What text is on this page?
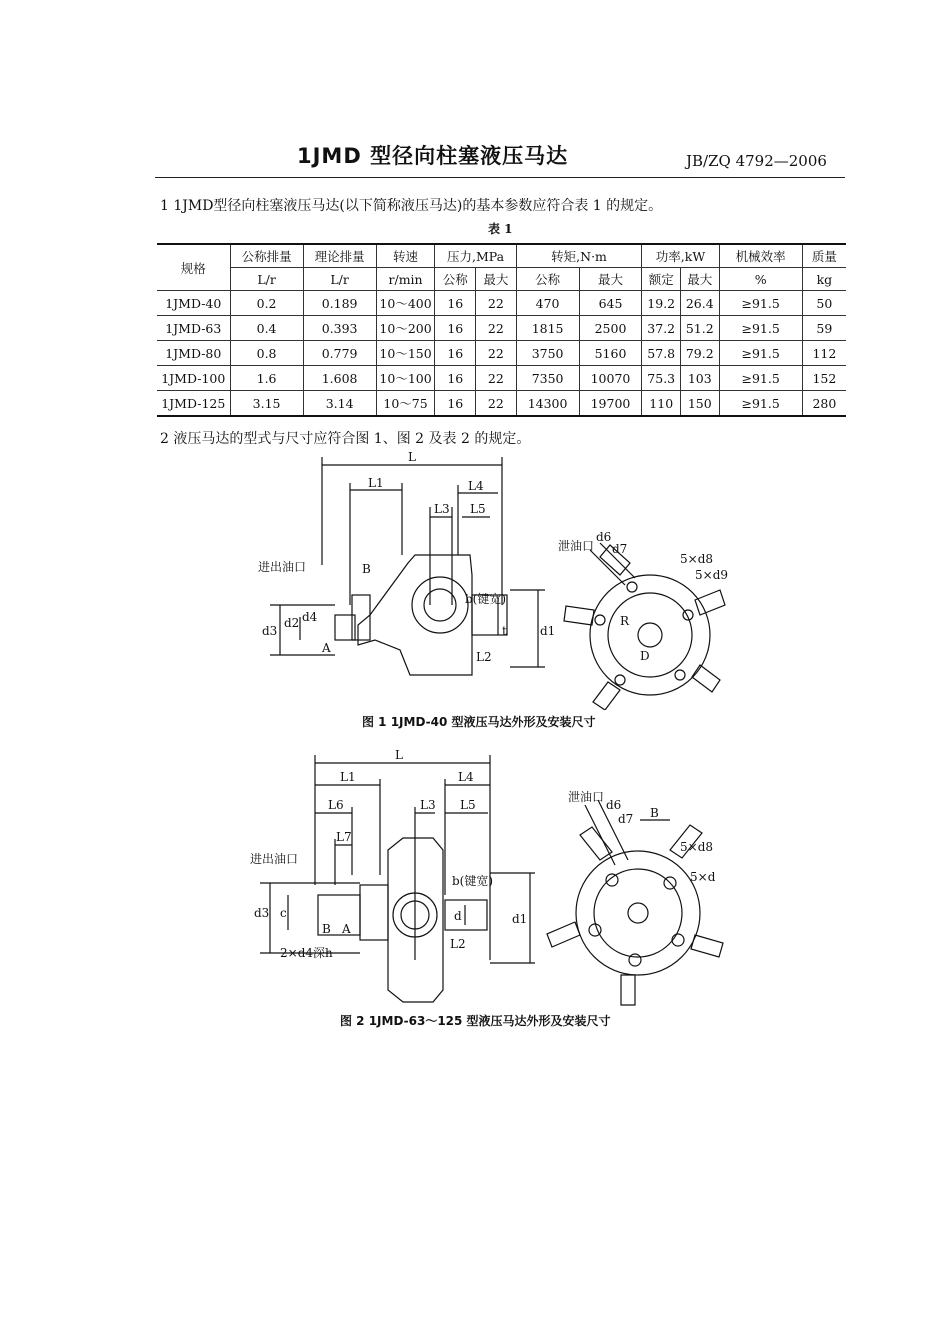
1JMD 型径向柱塞液压马达	JB/ZQ 4792—2006
1 1JMD型径向柱塞液压马达(以下简称液压马达)的基本参数应符合表 1 的规定。
表 1
规格	公称排量	理论排量	转速	压力,MPa		转矩,N·m		功率,kW		机械效率	质量
	L/r	L/r	r/min	公称	最大	公称	最大	额定	最大	%	kg
1JMD-40	0.2	0.189	10～400	16	22	470	645	19.2	26.4	≥91.5	50
1JMD-63	0.4	0.393	10～200	16	22	1815	2500	37.2	51.2	≥91.5	59
1JMD-80	0.8	0.779	10～150	16	22	3750	5160	57.8	79.2	≥91.5	112
1JMD-100	1.6	1.608	10～100	16	22	7350	10070	75.3	103	≥91.5	152
1JMD-125	3.15	3.14	10～75	16	22	14300	19700	110	150	≥91.5	280
2 液压马达的型式与尺寸应符合图 1、图 2 及表 2 的规定。
L
L1	L4
L3 L5
进出油口	B
A
b(键宽)
t
L2
d1
d3
d2 d4
泄油口
d6
d7
5×d8
5×d9
R
D
图 1 1JMD-40 型液压马达外形及安装尺寸
L
L1	L4
L6	L3 L5
L7
进出油口
B A
b(键宽)
d
c
L2
d1
d3
2×d4深h
泄油口
d6
d7 B
5×d8
5×d
图 2 1JMD-63～125 型液压马达外形及安装尺寸
